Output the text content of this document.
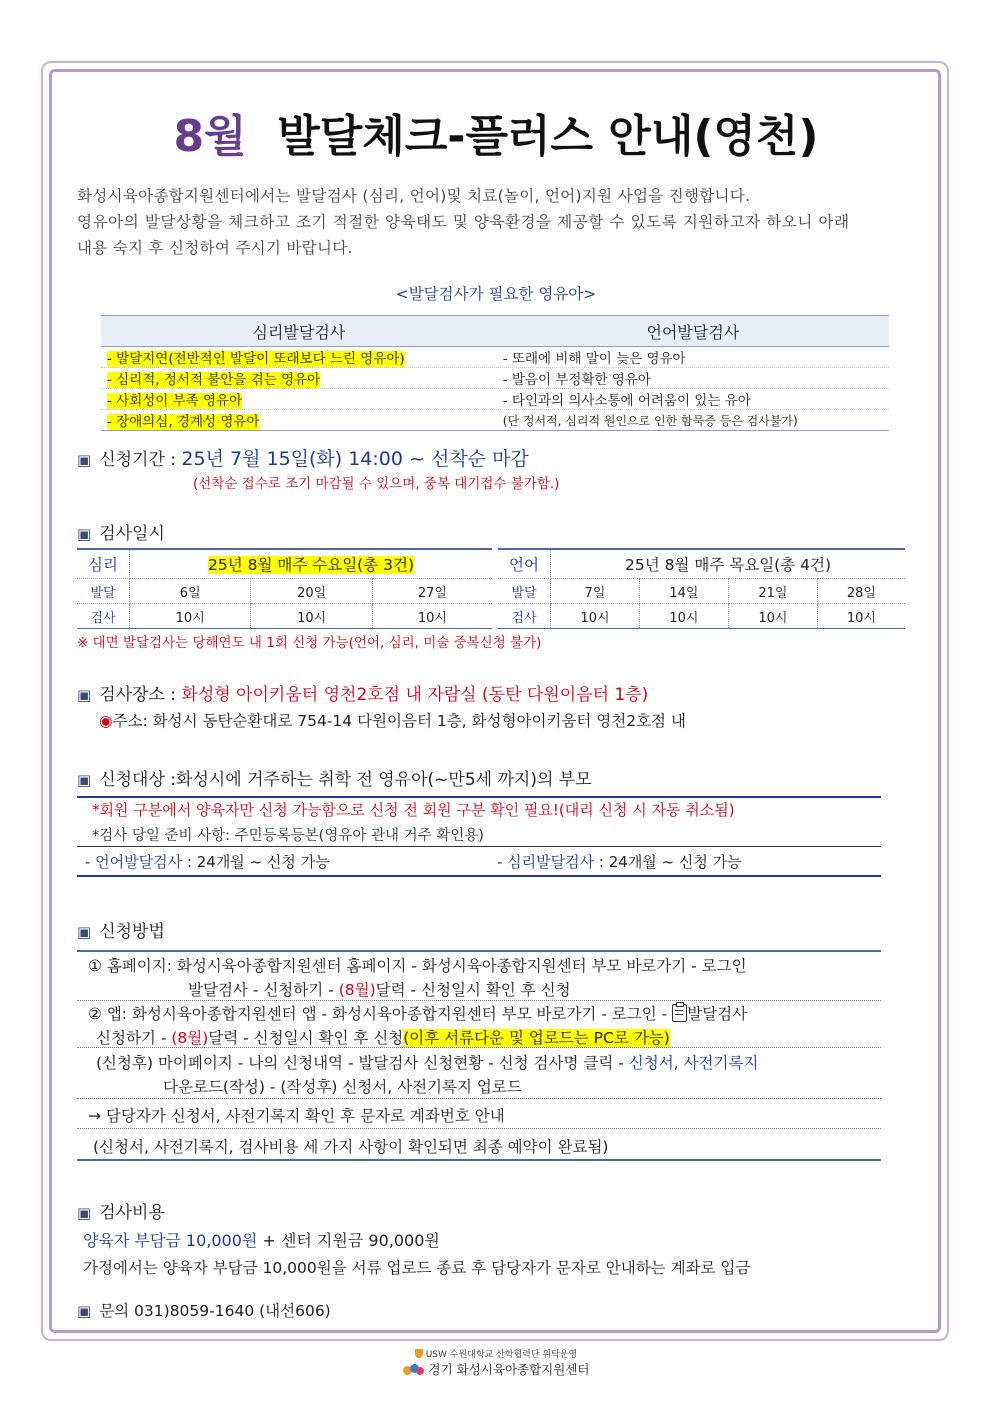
8월 발달체크-플러스 안내(영천)
화성시육아종합지원센터에서는 발달검사 (심리, 언어)및 치료(놀이, 언어)지원 사업을 진행합니다.
영유아의 발달상황을 체크하고 조기 적절한 양육태도 및 양육환경을 제공할 수 있도록 지원하고자 하오니 아래
내용 숙지 후 신청하여 주시기 바랍니다.
<발달검사가 필요한 영유아>
심리발달검사	언어발달검사
- 발달지연(전반적인 발달이 또래보다 느린 영유아)	- 또래에 비해 말이 늦은 영유아
- 심리적, 정서적 불안을 겪는 영유아	- 발음이 부정확한 영유아
- 사회성이 부족 영유아	- 타인과의 의사소통에 어려움이 있는 유아
- 장애의심, 경계성 영유아	(단 정서적, 심리적 원인으로 인한 함묵증 등은 검사불가)
▣ 신청기간 : 25년 7월 15일(화) 14:00 ~ 선착순 마감
(선착순 접수로 조기 마감될 수 있으며, 중복 대기접수 불가함.)
▣ 검사일시
심리	25년 8월 매주 수요일(총 3건)		
발달	6일	20일	27일
검사	10시	10시	10시
언어	25년 8월 매주 목요일(총 4건)			
발달	7일	14일	21일	28일
검사	10시	10시	10시	10시
※ 대면 발달검사는 당해연도 내 1회 신청 가능(언어, 심리, 미술 중복신청 불가)
▣ 검사장소 : 화성형 아이키움터 영천2호점 내 자람실 (동탄 다원이음터 1층)
◉주소: 화성시 동탄순환대로 754-14 다원이음터 1층, 화성형아이키움터 영천2호점 내
▣ 신청대상 :화성시에 거주하는 취학 전 영유아(~만5세 까지)의 부모
*회원 구분에서 양육자만 신청 가능함으로 신청 전 회원 구분 확인 필요!(대리 신청 시 자동 취소됨)
*검사 당일 준비 사항: 주민등록등본(영유아 관내 거주 확인용)
- 언어발달검사 : 24개월 ~ 신청 가능	- 심리발달검사 : 24개월 ~ 신청 가능
▣ 신청방법
① 홈페이지: 화성시육아종합지원센터 홈페이지 - 화성시육아종합지원센터 부모 바로가기 - 로그인
발달검사 - 신청하기 - (8월)달력 - 신청일시 확인 후 신청
② 앱: 화성시육아종합지원센터 앱 - 화성시육아종합지원센터 부모 바로가기 - 로그인 - 발달검사
신청하기 - (8월)달력 - 신청일시 확인 후 신청(이후 서류다운 및 업로드는 PC로 가능)
(신청후) 마이페이지 - 나의 신청내역 - 발달검사 신청현황 - 신청 검사명 클릭 - 신청서, 사전기록지
다운로드(작성) - (작성후) 신청서, 사전기록지 업로드
→ 담당자가 신청서, 사전기록지 확인 후 문자로 계좌번호 안내
(신청서, 사전기록지, 검사비용 세 가지 사항이 확인되면 최종 예약이 완료됨)
▣ 검사비용
양육자 부담금 10,000원 + 센터 지원금 90,000원
가정에서는 양육자 부담금 10,000원을 서류 업로드 종료 후 담당자가 문자로 안내하는 계좌로 입금
▣ 문의 031)8059-1640 (내선606)
USW 수원대학교 산학협력단 위탁운영
경기 화성시육아종합지원센터
